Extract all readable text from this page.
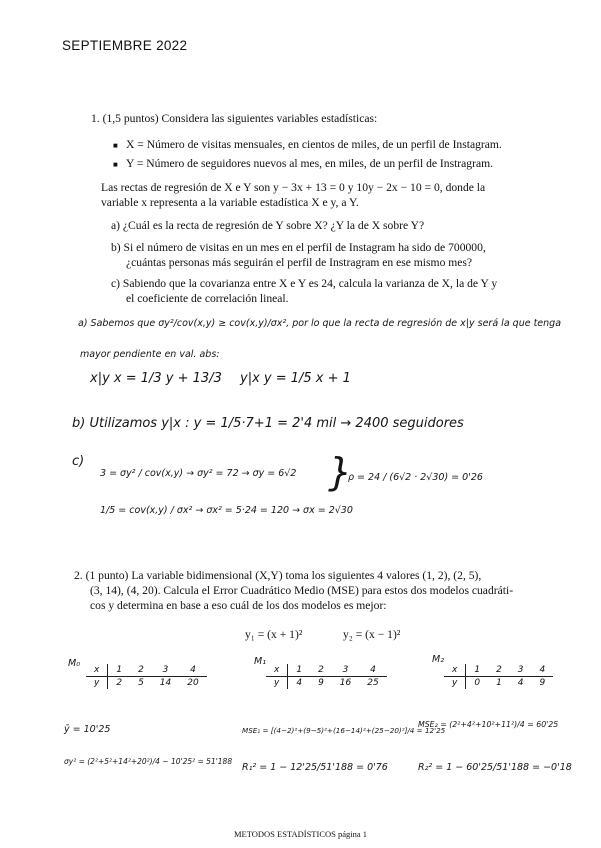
SEPTIEMBRE 2022
1. (1,5 puntos) Considera las siguientes variables estadísticas:
■ X = Número de visitas mensuales, en cientos de miles, de un perfil de Instagram.
■ Y = Número de seguidores nuevos al mes, en miles, de un perfil de Instragram.
Las rectas de regresión de X e Y son y − 3x + 13 = 0 y 10y − 2x − 10 = 0, donde la
variable x representa a la variable estadística X e y, a Y.
a) ¿Cuál es la recta de regresión de Y sobre X? ¿Y la de X sobre Y?
b) Si el número de visitas en un mes en el perfil de Instagram ha sido de 700000,
¿cuántas personas más seguirán el perfil de Instragram en ese mismo mes?
c) Sabiendo que la covarianza entre X e Y es 24, calcula la varianza de X, la de Y y
el coeficiente de correlación lineal.
a) Sabemos que σy²/cov(x,y) ≥ cov(x,y)/σx², por lo que la recta de regresión de x|y será la que tenga
mayor pendiente en val. abs:
x|y x = 1/3 y + 13/3 y|x y = 1/5 x + 1
b) Utilizamos y|x : y = 1/5·7+1 = 2'4 mil → 2400 seguidores
c)
3 = σy² / cov(x,y) → σy² = 72 → σy = 6√2
1/5 = cov(x,y) / σx² → σx² = 5·24 = 120 → σx = 2√30
}
ρ = 24 / (6√2 · 2√30) = 0'26
2. (1 punto) La variable bidimensional (X,Y) toma los siguientes 4 valores (1, 2), (2, 5),
(3, 14), (4, 20). Calcula el Error Cuadrático Medio (MSE) para estos dos modelos cuadráti-
cos y determina en base a eso cuál de los dos modelos es mejor:
y₁ = (x + 1)²	y₂ = (x − 1)²
M₀
x	1	2	3	4
y	2	5	14	20
M₁
x	1	2	3	4
y	4	9	16	25
M₂
x	1	2	3	4
y	0	1	4	9
ȳ = 10'25
σy² = (2²+5²+14²+20²)/4 − 10'25² = 51'188
MSE₁ = [(4−2)²+(9−5)²+(16−14)²+(25−20)²]/4 = 12'25
R₁² = 1 − 12'25/51'188 = 0'76
MSE₂ = (2²+4²+10²+11²)/4 = 60'25
R₂² = 1 − 60'25/51'188 = −0'18
METODOS ESTADÍSTICOS página 1
